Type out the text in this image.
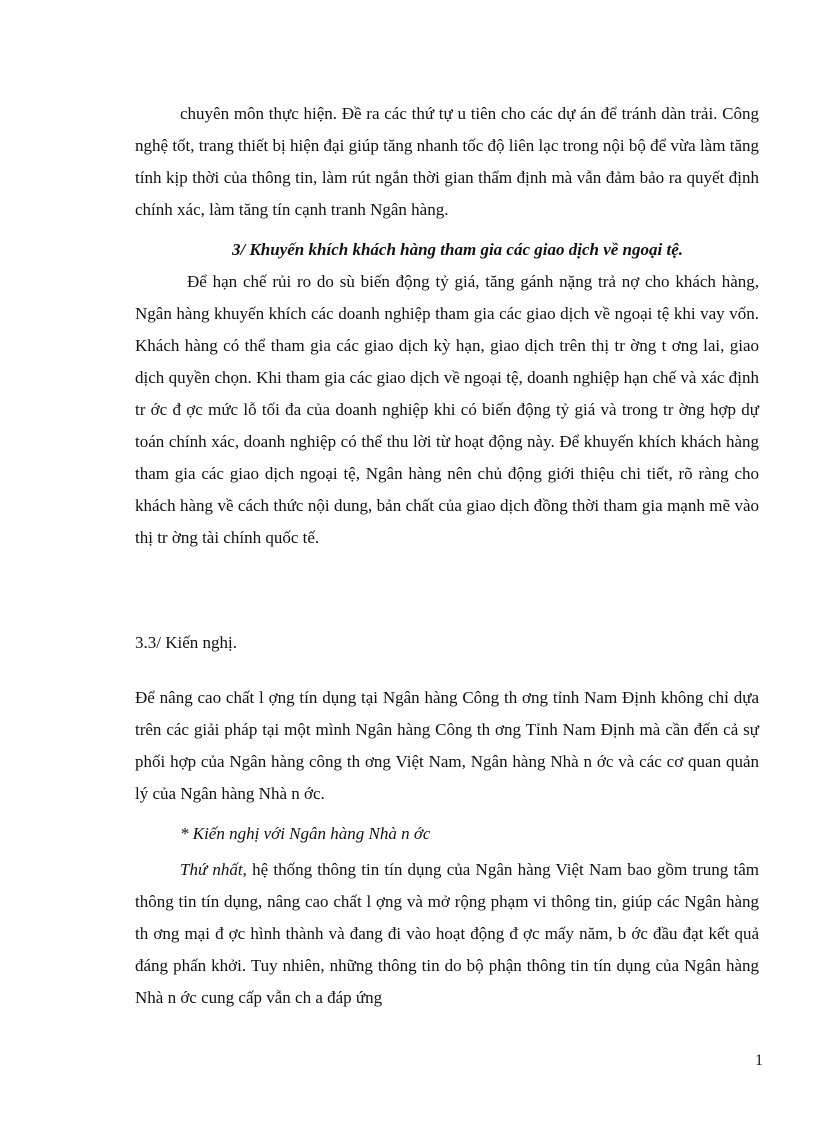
chuyên môn thực hiện. Đề ra các thứ tự u tiên cho các dự án để tránh dàn trải. Công nghệ tốt, trang thiết bị hiện đại giúp tăng nhanh tốc độ liên lạc trong nội bộ để vừa làm tăng tính kịp thời của thông tin, làm rút ngắn thời gian thẩm định mà vẫn đảm bảo ra quyết định chính xác, làm tăng tín cạnh tranh Ngân hàng.

3/ Khuyến khích khách hàng tham gia các giao dịch về ngoại tệ.

Để hạn chế rủi ro do sù biến động tỷ giá, tăng gánh nặng trả nợ cho khách hàng, Ngân hàng khuyến khích các doanh nghiệp tham gia các giao dịch về ngoại tệ khi vay vốn. Khách hàng có thể tham gia các giao dịch kỳ hạn, giao dịch trên thị tr ờng t ơng lai, giao dịch quyền chọn. Khi tham gia các giao dịch về ngoại tệ, doanh nghiệp hạn chế và xác định tr ớc đ ợc mức lỗ tối đa của doanh nghiệp khi có biến động tỷ giá và trong tr ờng hợp dự toán chính xác, doanh nghiệp có thể thu lời từ hoạt động này. Để khuyến khích khách hàng tham gia các giao dịch ngoại tệ, Ngân hàng nên chủ động giới thiệu chi tiết, rõ ràng cho khách hàng về cách thức nội dung, bản chất của giao dịch đồng thời tham gia mạnh mẽ vào thị tr ờng tài chính quốc tế.

3.3/ Kiến nghị.

Để nâng cao chất l ợng tín dụng tại Ngân hàng Công th ơng tỉnh Nam Định không chỉ dựa trên các giải pháp tại một mình Ngân hàng Công th ơng Tỉnh Nam Định mà cần đến cả sự phối hợp của Ngân hàng công th ơng Việt Nam, Ngân hàng Nhà n ớc và các cơ quan quản lý của Ngân hàng Nhà n ớc.

* Kiến nghị với Ngân hàng Nhà n ớc

Thứ nhất, hệ thống thông tin tín dụng của Ngân hàng Việt Nam bao gồm trung tâm thông tin tín dụng, nâng cao chất l ợng và mở rộng phạm vi thông tin, giúp các Ngân hàng th ơng mại đ ợc hình thành và đang đi vào hoạt động đ ợc mấy năm, b ớc đầu đạt kết quả đáng phấn khởi. Tuy nhiên, những thông tin do bộ phận thông tin tín dụng của Ngân hàng Nhà n ớc cung cấp vẫn ch a đáp ứng

1
